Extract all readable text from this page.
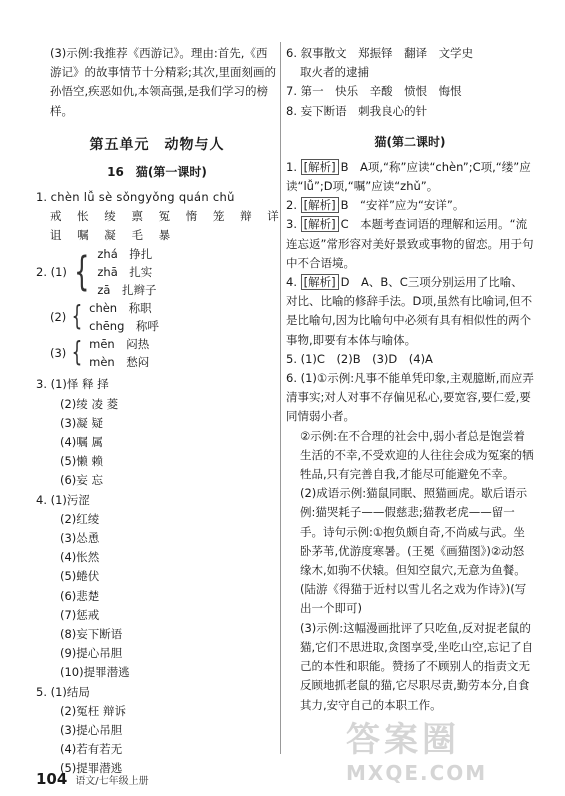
(3)示例:我推荐《西游记》。理由:首先,《西游记》的故事情节十分精彩;其次,里面刻画的孙悟空,疾恶如仇,本领高强,是我们学习的榜样。

第五单元　动物与人
16　猫(第一课时)

1. chèn lǚ sè sǒngyǒng quán chǔ

戒 怅 绫 禀 冤 惰 笼 辩 详

诅 嘱 凝 毛 暴

2. (1) { zhá　挣扎
zhā　扎实
zā　扎辫子
(2) { chèn　称职
chēng　称呼
(3) { mēn　闷热
mèn　愁闷

3. (1)怿 释 择

(2)绫 凌 菱

(3)凝 疑

(4)嘱 属

(5)懒 赖

(6)妄 忘

4. (1)污涩

(2)红绫

(3)怂恿

(4)怅然

(5)蜷伏

(6)悲楚

(7)惩戒

(8)妄下断语

(9)提心吊胆

(10)提罪潜逃

5. (1)结局

(2)冤枉 辩诉

(3)提心吊胆

(4)若有若无

(5)提罪潜逃

6. 叙事散文　郑振铎　翻译　文学史

取火者的逮捕

7. 第一　快乐　辛酸　愤恨　悔恨

8. 妄下断语　刺我良心的针

猫(第二课时)

1. [解析] B　A项,“称”应读“chèn”;C项,“缕”应读“lǚ”;D项,“嘱”应读“zhǔ”。

2. [解析] B　“安祥”应为“安详”。

3. [解析] C　本题考查词语的理解和运用。“流连忘返”常形容对美好景致或事物的留恋。用于句中不合语境。

4. [解析] D　A、B、C三项分别运用了比喻、对比、比喻的修辞手法。D项,虽然有比喻词,但不是比喻句,因为比喻句中必须有具有相似性的两个事物,即要有本体与喻体。

5. (1)C　(2)B　(3)D　(4)A

6. (1)①示例:凡事不能单凭印象,主观臆断,而应弄清事实;对人对事不存偏见私心,要宽容,要仁爱,要同情弱小者。

②示例:在不合理的社会中,弱小者总是饱尝着生活的不幸,不受欢迎的人往往会成为冤案的牺牲品,只有完善自我,才能尽可能避免不幸。

(2)成语示例:猫鼠同眠、照猫画虎。歇后语示例:猫哭耗子——假慈悲;猫教老虎——留一手。诗句示例:①抱负颇自奇,不尚威与武。坐卧茅苇,优游度寒暑。(王冕《画猫图》)②动怒缘木,如驹不伏辕。但知空鼠穴,无意为鱼餐。(陆游《得猫于近村以雪儿名之戏为作诗》)(写出一个即可)

(3)示例:这幅漫画批评了只吃鱼,反对捉老鼠的猫,它们不思进取,贪图享受,坐吃山空,忘记了自己的本性和职能。赞扬了不顾别人的指责文无反顾地抓老鼠的猫,它尽职尽责,勤劳本分,自食其力,安守自己的本职工作。

104 语文/七年级上册
答案圈
MXQE.COM
